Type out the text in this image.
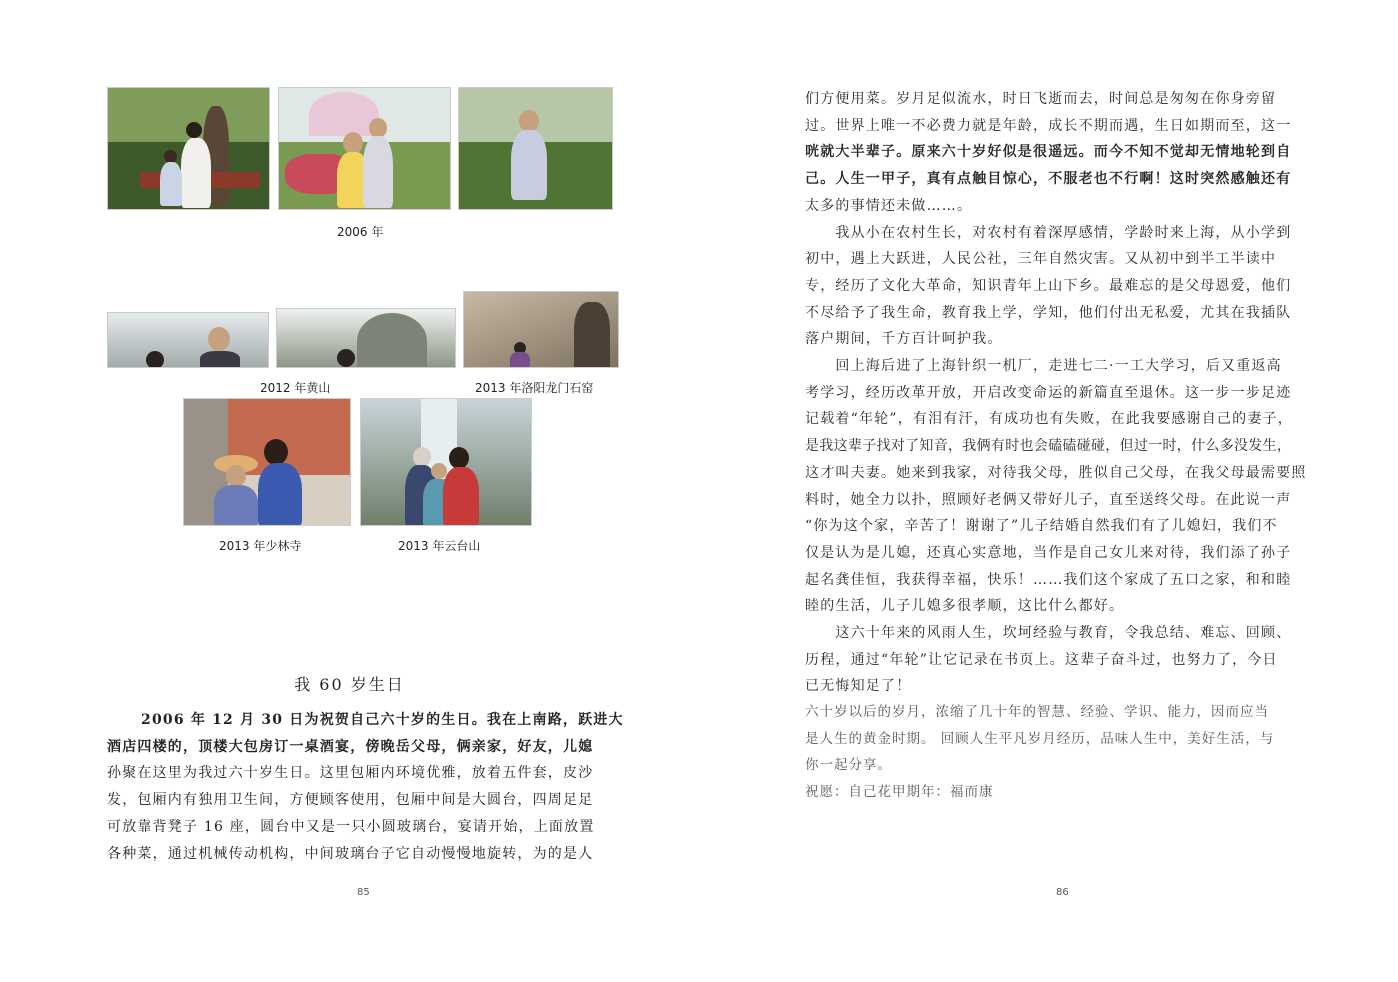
2006 年
2012 年黄山	2013 年洛阳龙门石窑
2013 年少林寺	2013 年云台山
我 60 岁生日

2006 年 12 月 30 日为祝贺自己六十岁的生日。我在上南路，跃进大

酒店四楼的，顶楼大包房订一桌酒宴，傍晚岳父母，俩亲家，好友，儿媳

孙聚在这里为我过六十岁生日。这里包厢内环境优雅，放着五件套，皮沙

发，包厢内有独用卫生间，方便顾客使用，包厢中间是大圆台，四周足足

可放靠背凳子 16 座，圆台中又是一只小圆玻璃台，宴请开始，上面放置

各种菜，通过机械传动机构，中间玻璃台子它自动慢慢地旋转，为的是人

85

们方便用菜。岁月足似流水，时日飞逝而去，时间总是匆匆在你身旁留

过。世界上唯一不必费力就是年龄，成长不期而遇，生日如期而至，这一

咣就大半辈子。原来六十岁好似是很遥远。而今不知不觉却无情地轮到自

己。人生一甲子，真有点触目惊心，不服老也不行啊！这时突然感触还有

太多的事情还未做……。

　　我从小在农村生长，对农村有着深厚感情，学龄时来上海，从小学到

初中，遇上大跃进，人民公社，三年自然灾害。又从初中到半工半读中

专，经历了文化大革命，知识青年上山下乡。最难忘的是父母恩爱，他们

不尽给予了我生命，教育我上学，学知，他们付出无私爱，尤其在我插队

落户期间，千方百计呵护我。

　　回上海后进了上海针织一机厂，走进七二·一工大学习，后又重返高

考学习，经历改革开放，开启改变命运的新篇直至退休。这一步一步足迹

记载着“年轮”，有泪有汗，有成功也有失败，在此我要感谢自己的妻子，

是我这辈子找对了知音，我俩有时也会磕磕碰碰，但过一时，什么多没发生，

这才叫夫妻。她来到我家，对待我父母，胜似自己父母，在我父母最需要照

料时，她全力以扑，照顾好老俩又带好儿子，直至送终父母。在此说一声

“你为这个家，辛苦了！谢谢了”儿子结婚自然我们有了儿媳妇，我们不

仅是认为是儿媳，还真心实意地，当作是自己女儿来对待，我们添了孙子

起名龚佳恒，我获得幸福，快乐！……我们这个家成了五口之家，和和睦

睦的生活，儿子儿媳多很孝顺，这比什么都好。

　　这六十年来的风雨人生，坎坷经验与教育，令我总结、难忘、回顾、

历程，通过“年轮”让它记录在书页上。这辈子奋斗过，也努力了，今日

已无悔知足了！

六十岁以后的岁月，浓缩了几十年的智慧、经验、学识、能力，因而应当
是人生的黄金时期。 回顾人生平凡岁月经历，品味人生中，美好生活，与
你一起分享。
祝愿：自己花甲期年：福而康
86
